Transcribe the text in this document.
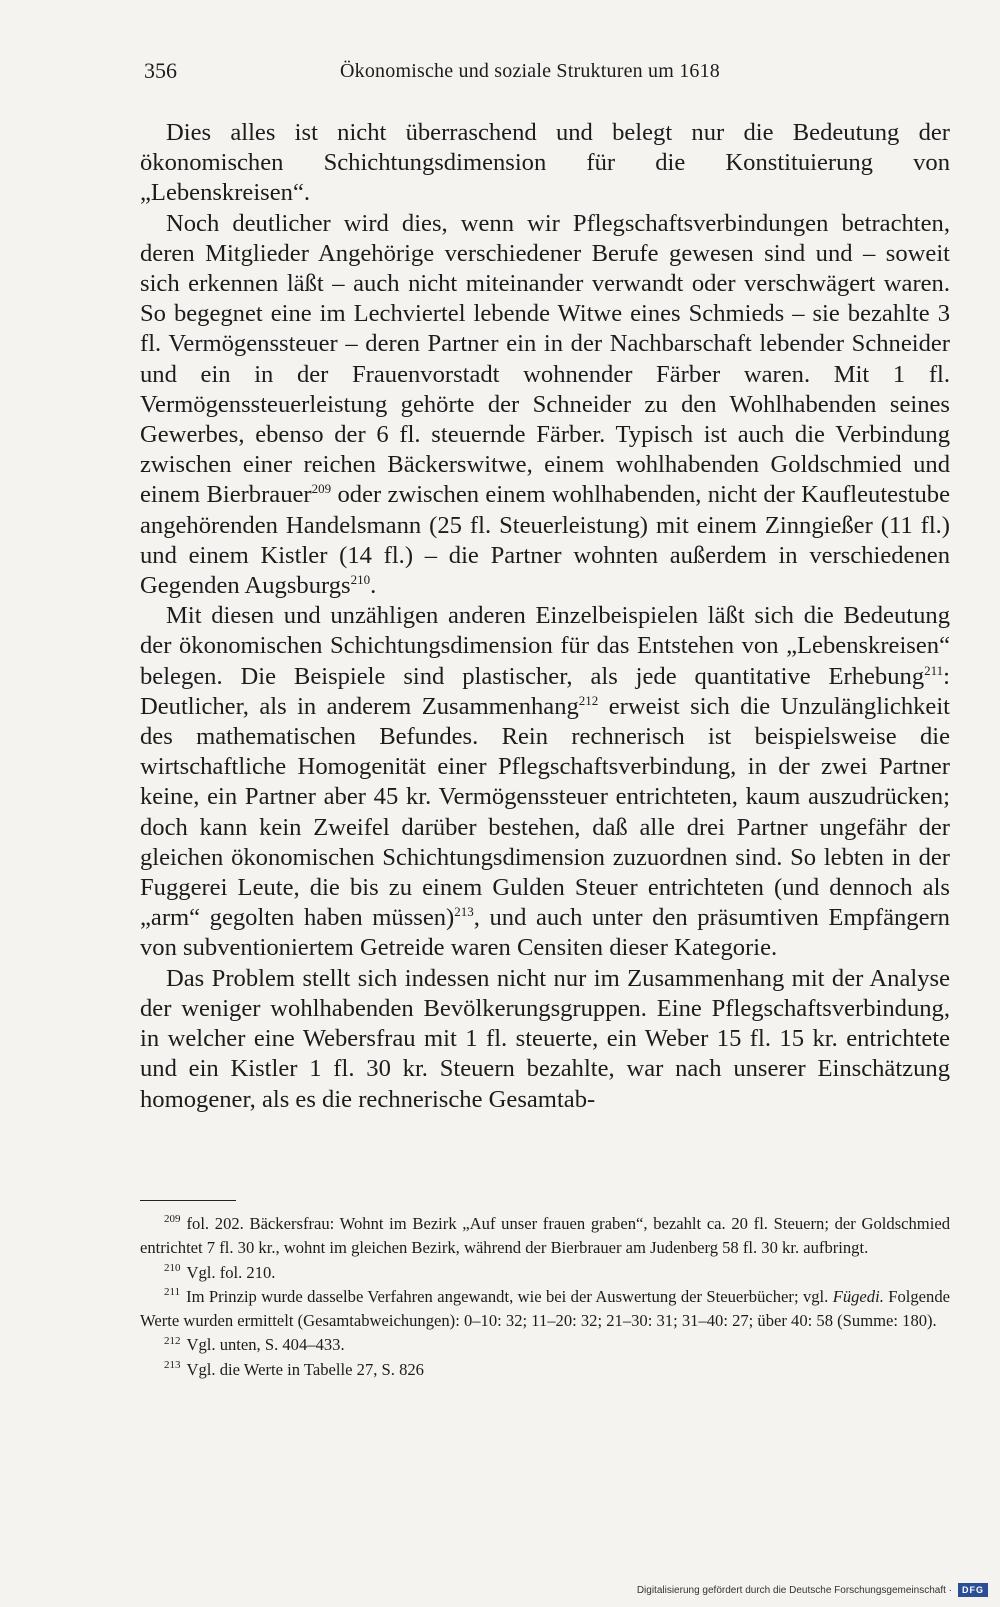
356	Ökonomische und soziale Strukturen um 1618

Dies alles ist nicht überraschend und belegt nur die Bedeutung der ökonomischen Schichtungsdimension für die Konstituierung von „Lebenskreisen“.

Noch deutlicher wird dies, wenn wir Pflegschaftsverbindungen betrachten, deren Mitglieder Angehörige verschiedener Berufe gewesen sind und – soweit sich erkennen läßt – auch nicht miteinander verwandt oder verschwägert waren. So begegnet eine im Lechviertel lebende Witwe eines Schmieds – sie bezahlte 3 fl. Vermögenssteuer – deren Partner ein in der Nachbarschaft lebender Schneider und ein in der Frauenvorstadt wohnender Färber waren. Mit 1 fl. Vermögenssteuerleistung gehörte der Schneider zu den Wohlhabenden seines Gewerbes, ebenso der 6 fl. steuernde Färber. Typisch ist auch die Verbindung zwischen einer reichen Bäckerswitwe, einem wohlhabenden Goldschmied und einem Bierbrauer$^{209}$ oder zwischen einem wohlhabenden, nicht der Kaufleutestube angehörenden Handelsmann (25 fl. Steuerleistung) mit einem Zinngießer (11 fl.) und einem Kistler (14 fl.) – die Partner wohnten außerdem in verschiedenen Gegenden Augsburgs$^{210}$.

Mit diesen und unzähligen anderen Einzelbeispielen läßt sich die Bedeutung der ökonomischen Schichtungsdimension für das Entstehen von „Lebenskreisen“ belegen. Die Beispiele sind plastischer, als jede quantitative Erhebung$^{211}$: Deutlicher, als in anderem Zusammenhang$^{212}$ erweist sich die Unzulänglichkeit des mathematischen Befundes. Rein rechnerisch ist beispielsweise die wirtschaftliche Homogenität einer Pflegschaftsverbindung, in der zwei Partner keine, ein Partner aber 45 kr. Vermögenssteuer entrichteten, kaum auszudrücken; doch kann kein Zweifel darüber bestehen, daß alle drei Partner ungefähr der gleichen ökonomischen Schichtungsdimension zuzuordnen sind. So lebten in der Fuggerei Leute, die bis zu einem Gulden Steuer entrichteten (und dennoch als „arm“ gegolten haben müssen)$^{213}$, und auch unter den präsumtiven Empfängern von subventioniertem Getreide waren Censiten dieser Kategorie.

Das Problem stellt sich indessen nicht nur im Zusammenhang mit der Analyse der weniger wohlhabenden Bevölkerungsgruppen. Eine Pflegschaftsverbindung, in welcher eine Webersfrau mit 1 fl. steuerte, ein Weber 15 fl. 15 kr. entrichtete und ein Kistler 1 fl. 30 kr. Steuern bezahlte, war nach unserer Einschätzung homogener, als es die rechnerische Gesamtab-

$^{209}$ fol. 202. Bäckersfrau: Wohnt im Bezirk „Auf unser frauen graben“, bezahlt ca. 20 fl. Steuern; der Goldschmied entrichtet 7 fl. 30 kr., wohnt im gleichen Bezirk, während der Bierbrauer am Judenberg 58 fl. 30 kr. aufbringt.

$^{210}$ Vgl. fol. 210.

$^{211}$ Im Prinzip wurde dasselbe Verfahren angewandt, wie bei der Auswertung der Steuerbücher; vgl. Fügedi. Folgende Werte wurden ermittelt (Gesamtabweichungen): 0–10: 32; 11–20: 32; 21–30: 31; 31–40: 27; über 40: 58 (Summe: 180).

$^{212}$ Vgl. unten, S. 404–433.

$^{213}$ Vgl. die Werte in Tabelle 27, S. 826

Digitalisierung gefördert durch die Deutsche Forschungsgemeinschaft ·	DFG
